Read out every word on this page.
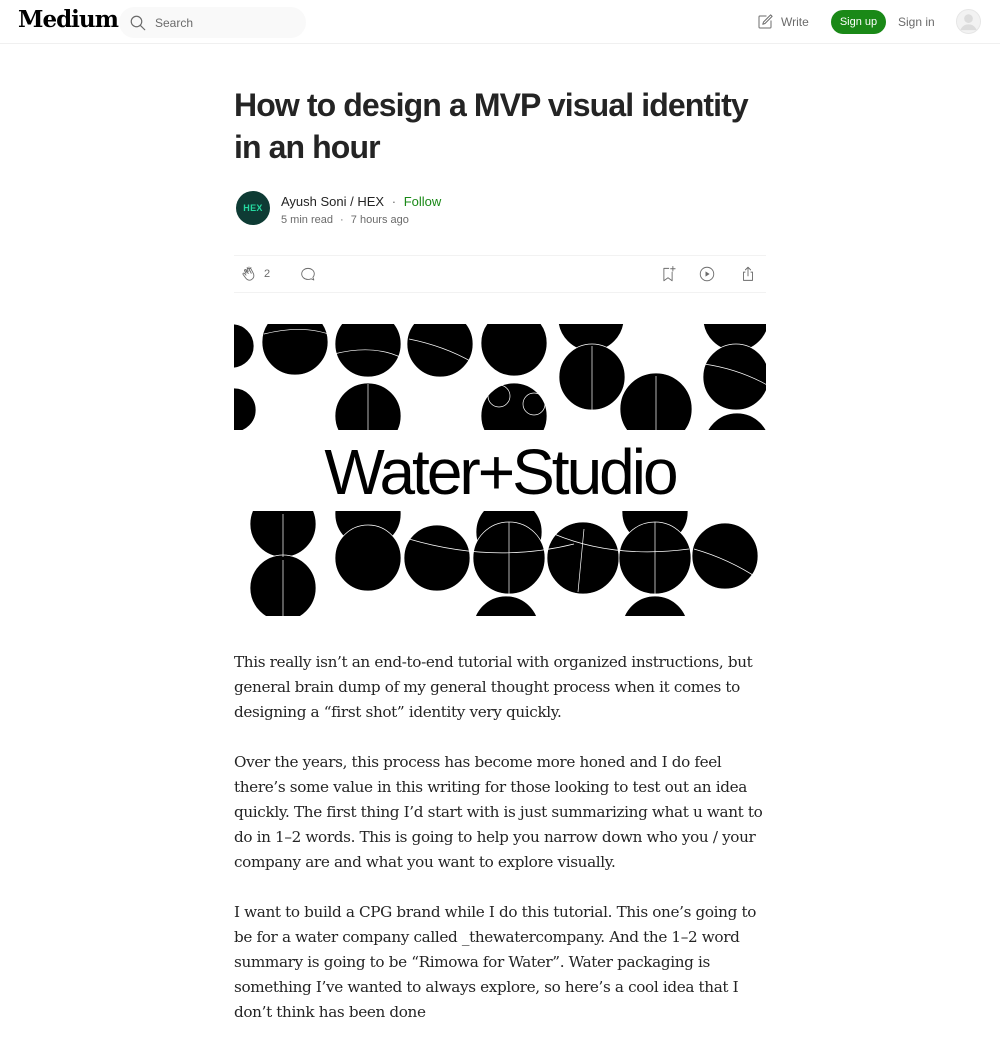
Medium
Search	Write	Sign up	Sign in
How to design a MVP visual identity in an hour
HEX	Ayush Soni / HEX · Follow
5 min read · 7 hours ago
2
Water+Studio

This really isn’t an end-to-end tutorial with organized instructions, but general brain dump of my general thought process when it comes to designing a “first shot” identity very quickly.

Over the years, this process has become more honed and I do feel there’s some value in this writing for those looking to test out an idea quickly. The first thing I’d start with is just summarizing what u want to do in 1–2 words. This is going to help you narrow down who you / your company are and what you want to explore visually.

I want to build a CPG brand while I do this tutorial. This one’s going to be for a water company called _thewatercompany. And the 1–2 word summary is going to be “Rimowa for Water”. Water packaging is something I’ve wanted to always explore, so here’s a cool idea that I don’t think has been done
